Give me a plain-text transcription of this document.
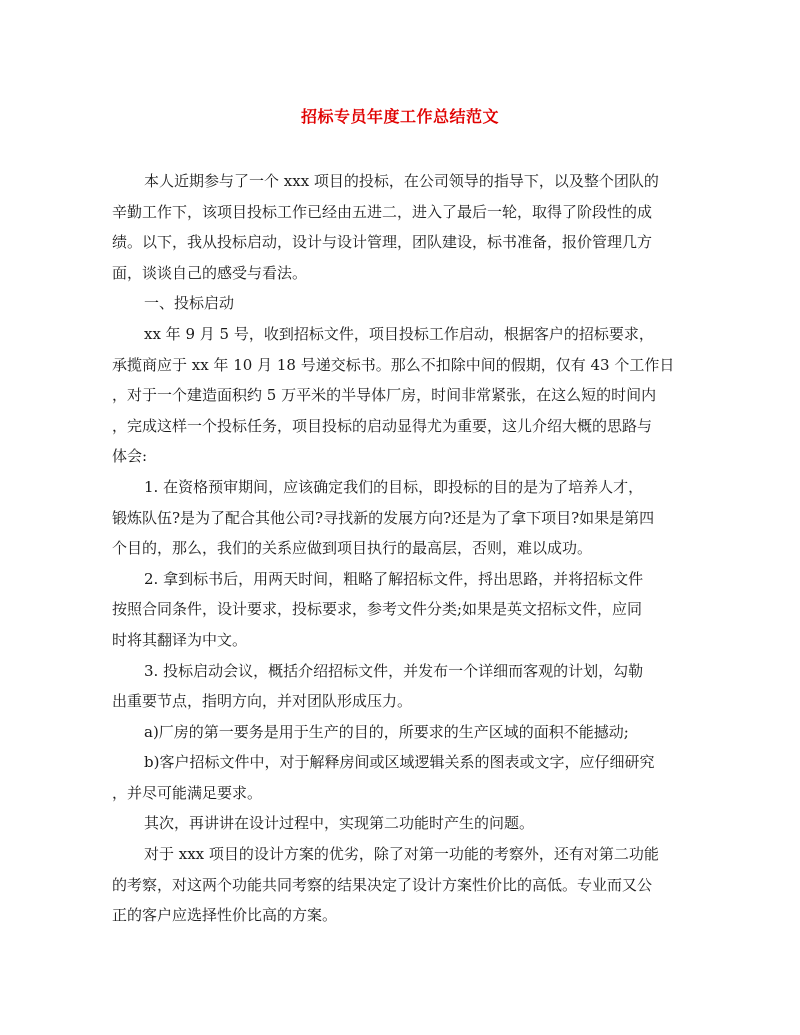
招标专员年度工作总结范文
本人近期参与了一个 xxx 项目的投标，在公司领导的指导下，以及整个团队的
辛勤工作下，该项目投标工作已经由五进二，进入了最后一轮，取得了阶段性的成
绩。以下，我从投标启动，设计与设计管理，团队建设，标书准备，报价管理几方
面，谈谈自己的感受与看法。
一、投标启动
xx 年 9 月 5 号，收到招标文件，项目投标工作启动，根据客户的招标要求，
承揽商应于 xx 年 10 月 18 号递交标书。那么不扣除中间的假期，仅有 43 个工作日
，对于一个建造面积约 5 万平米的半导体厂房，时间非常紧张，在这么短的时间内
，完成这样一个投标任务，项目投标的启动显得尤为重要，这儿介绍大概的思路与
体会:
1. 在资格预审期间，应该确定我们的目标，即投标的目的是为了培养人才，
锻炼队伍?是为了配合其他公司?寻找新的发展方向?还是为了拿下项目?如果是第四
个目的，那么，我们的关系应做到项目执行的最高层，否则，难以成功。
2. 拿到标书后，用两天时间，粗略了解招标文件，捋出思路，并将招标文件
按照合同条件，设计要求，投标要求，参考文件分类;如果是英文招标文件，应同
时将其翻译为中文。
3. 投标启动会议，概括介绍招标文件，并发布一个详细而客观的计划，勾勒
出重要节点，指明方向，并对团队形成压力。
a)厂房的第一要务是用于生产的目的，所要求的生产区域的面积不能撼动;
b)客户招标文件中，对于解释房间或区域逻辑关系的图表或文字，应仔细研究
，并尽可能满足要求。
其次，再讲讲在设计过程中，实现第二功能时产生的问题。
对于 xxx 项目的设计方案的优劣，除了对第一功能的考察外，还有对第二功能
的考察，对这两个功能共同考察的结果决定了设计方案性价比的高低。专业而又公
正的客户应选择性价比高的方案。
